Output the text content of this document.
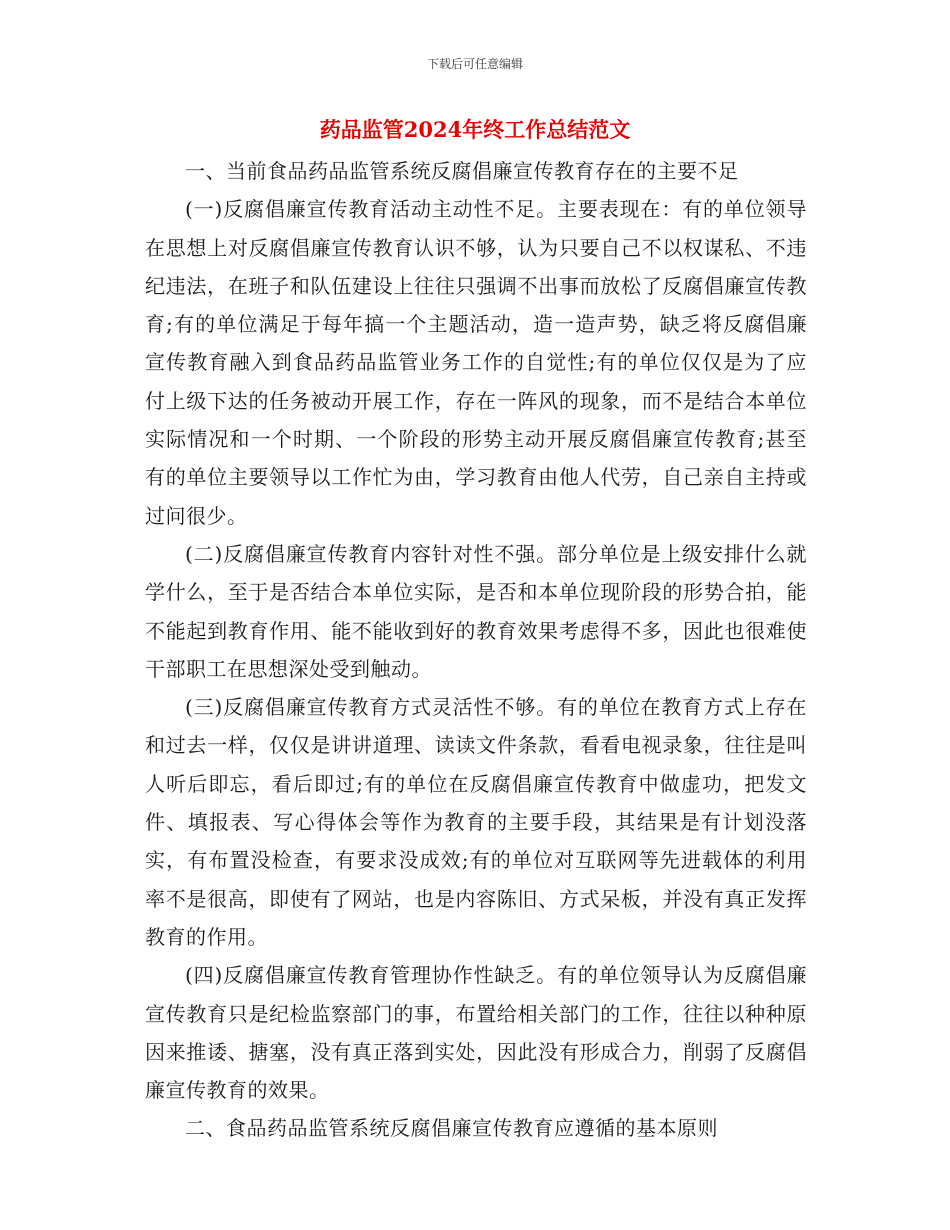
下载后可任意编辑
药品监管2024年终工作总结范文

一、当前食品药品监管系统反腐倡廉宣传教育存在的主要不足

(一)反腐倡廉宣传教育活动主动性不足。主要表现在：有的单位领导在思想上对反腐倡廉宣传教育认识不够，认为只要自己不以权谋私、不违纪违法，在班子和队伍建设上往往只强调不出事而放松了反腐倡廉宣传教育;有的单位满足于每年搞一个主题活动，造一造声势，缺乏将反腐倡廉宣传教育融入到食品药品监管业务工作的自觉性;有的单位仅仅是为了应付上级下达的任务被动开展工作，存在一阵风的现象，而不是结合本单位实际情况和一个时期、一个阶段的形势主动开展反腐倡廉宣传教育;甚至有的单位主要领导以工作忙为由，学习教育由他人代劳，自己亲自主持或过问很少。

(二)反腐倡廉宣传教育内容针对性不强。部分单位是上级安排什么就学什么，至于是否结合本单位实际，是否和本单位现阶段的形势合拍，能不能起到教育作用、能不能收到好的教育效果考虑得不多，因此也很难使干部职工在思想深处受到触动。

(三)反腐倡廉宣传教育方式灵活性不够。有的单位在教育方式上存在和过去一样，仅仅是讲讲道理、读读文件条款，看看电视录象，往往是叫人听后即忘，看后即过;有的单位在反腐倡廉宣传教育中做虚功，把发文件、填报表、写心得体会等作为教育的主要手段，其结果是有计划没落实，有布置没检查，有要求没成效;有的单位对互联网等先进载体的利用率不是很高，即使有了网站，也是内容陈旧、方式呆板，并没有真正发挥教育的作用。

(四)反腐倡廉宣传教育管理协作性缺乏。有的单位领导认为反腐倡廉宣传教育只是纪检监察部门的事，布置给相关部门的工作，往往以种种原因来推诿、搪塞，没有真正落到实处，因此没有形成合力，削弱了反腐倡廉宣传教育的效果。

二、食品药品监管系统反腐倡廉宣传教育应遵循的基本原则
